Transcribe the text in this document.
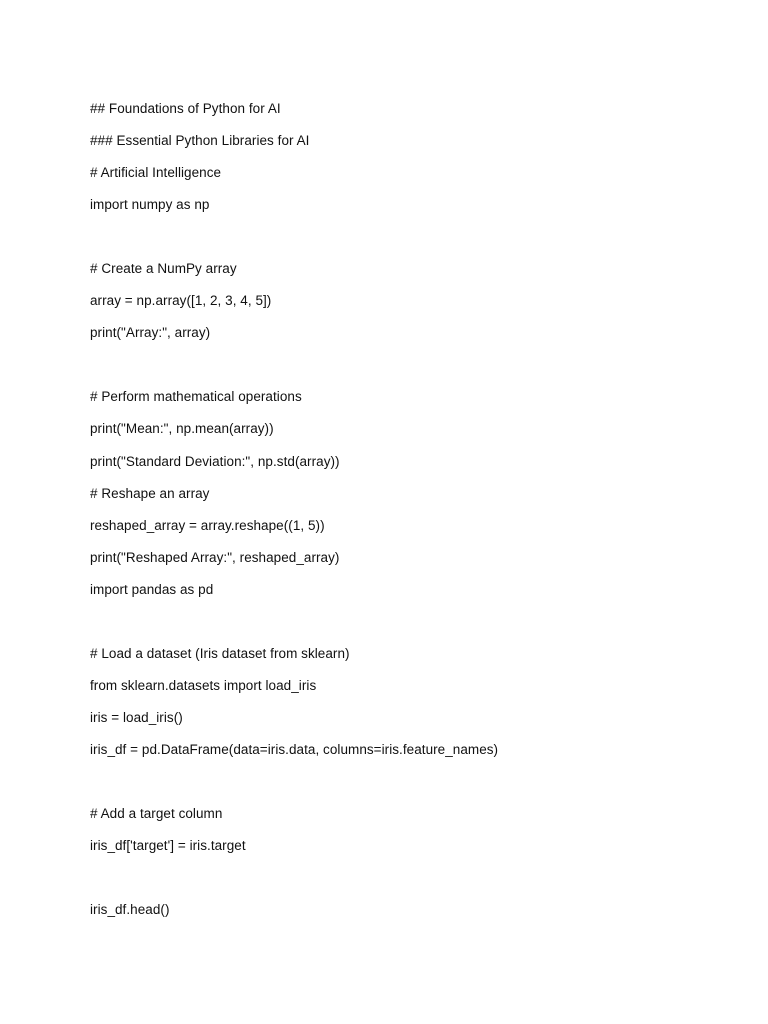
## Foundations of Python for AI
### Essential Python Libraries for AI
# Artificial Intelligence
import numpy as np
# Create a NumPy array
array = np.array([1, 2, 3, 4, 5])
print("Array:", array)
# Perform mathematical operations
print("Mean:", np.mean(array))
print("Standard Deviation:", np.std(array))
# Reshape an array
reshaped_array = array.reshape((1, 5))
print("Reshaped Array:", reshaped_array)
import pandas as pd
# Load a dataset (Iris dataset from sklearn)
from sklearn.datasets import load_iris
iris = load_iris()
iris_df = pd.DataFrame(data=iris.data, columns=iris.feature_names)
# Add a target column
iris_df['target'] = iris.target
iris_df.head()
